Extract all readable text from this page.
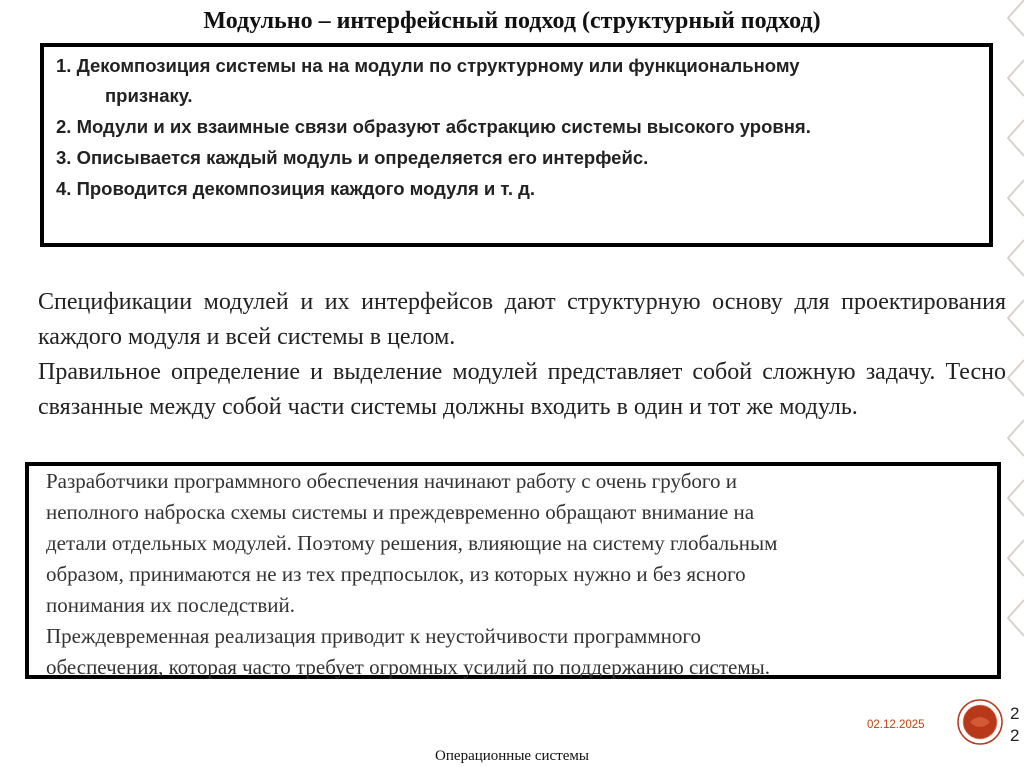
Модульно – интерфейсный подход (структурный подход)
1. Декомпозиция системы на на модули по структурному или функциональному
признаку.
2. Модули и их взаимные связи образуют абстракцию системы высокого уровня.
3. Описывается каждый модуль и определяется его интерфейс.
4. Проводится декомпозиция каждого модуля и т. д.
Спецификации модулей и их интерфейсов дают структурную основу для проектирования каждого модуля и всей системы в целом.
Правильное определение и выделение модулей представляет собой сложную задачу. Тесно связанные между собой части системы должны входить в один и тот же модуль.
Разработчики программного обеспечения начинают работу с очень грубого и
неполного наброска схемы системы и преждевременно обращают внимание на
детали отдельных модулей. Поэтому решения, влияющие на систему глобальным
образом, принимаются не из тех предпосылок, из которых нужно и без ясного
понимания их последствий.
Преждевременная реализация приводит к неустойчивости программного
обеспечения, которая часто требует огромных усилий по поддержанию системы.
02.12.2025
2
2
Операционные системы
